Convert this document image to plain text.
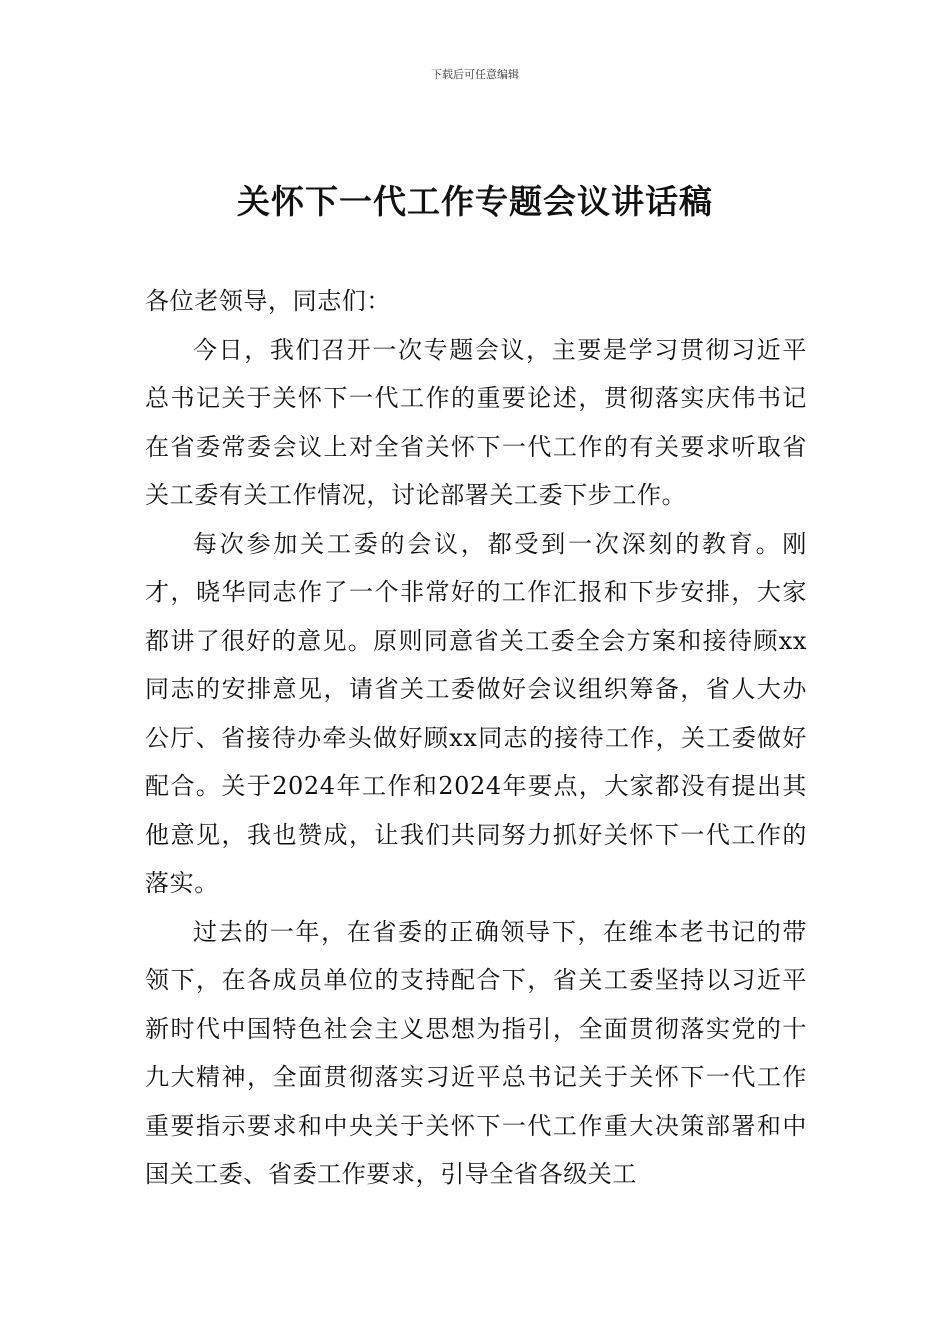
下载后可任意编辑
关怀下一代工作专题会议讲话稿

各位老领导，同志们：

今日，我们召开一次专题会议，主要是学习贯彻习近平总书记关于关怀下一代工作的重要论述，贯彻落实庆伟书记在省委常委会议上对全省关怀下一代工作的有关要求听取省关工委有关工作情况，讨论部署关工委下步工作。

每次参加关工委的会议，都受到一次深刻的教育。刚才，晓华同志作了一个非常好的工作汇报和下步安排，大家都讲了很好的意见。原则同意省关工委全会方案和接待顾xx同志的安排意见，请省关工委做好会议组织筹备，省人大办公厅、省接待办牵头做好顾xx同志的接待工作，关工委做好配合。关于2024年工作和2024年要点，大家都没有提出其他意见，我也赞成，让我们共同努力抓好关怀下一代工作的落实。

过去的一年，在省委的正确领导下，在维本老书记的带领下，在各成员单位的支持配合下，省关工委坚持以习近平新时代中国特色社会主义思想为指引，全面贯彻落实党的十九大精神，全面贯彻落实习近平总书记关于关怀下一代工作重要指示要求和中央关于关怀下一代工作重大决策部署和中国关工委、省委工作要求，引导全省各级关工
